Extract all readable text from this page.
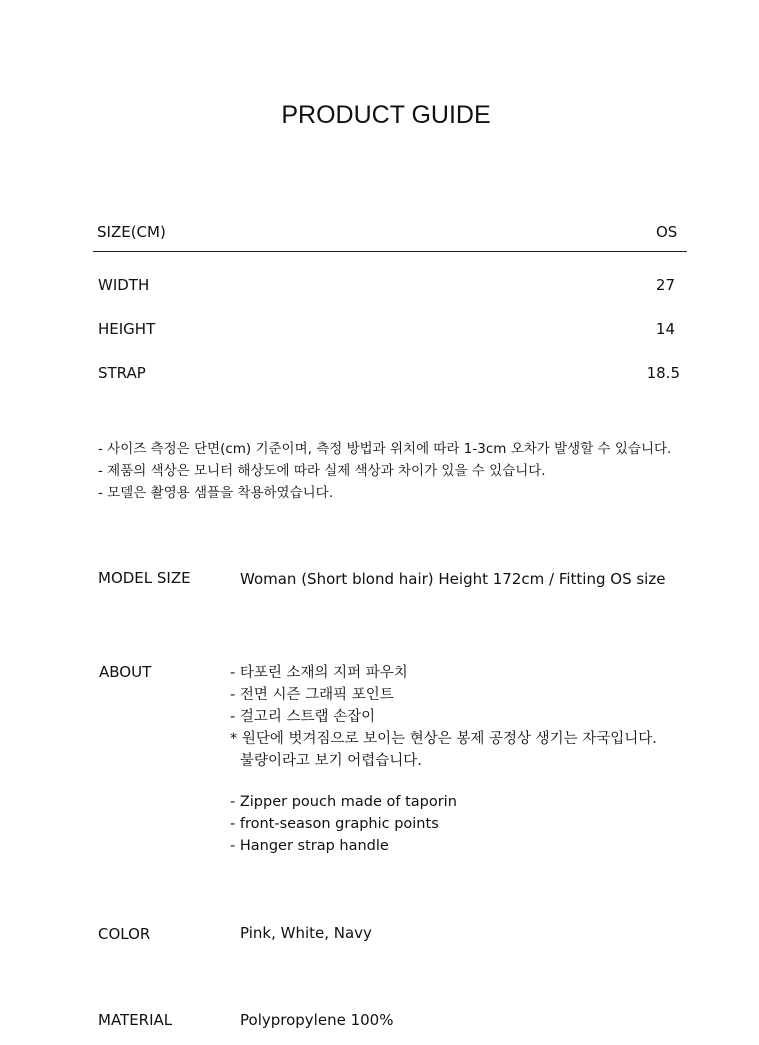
PRODUCT GUIDE
SIZE(CM)	OS
WIDTH	27
HEIGHT	14
STRAP	18.5
- 사이즈 측정은 단면(cm) 기준이며, 측정 방법과 위치에 따라 1-3cm 오차가 발생할 수 있습니다.
- 제품의 색상은 모니터 해상도에 따라 실제 색상과 차이가 있을 수 있습니다.
- 모델은 촬영용 샘플을 착용하였습니다.
MODEL SIZE	Woman (Short blond hair) Height 172cm / Fitting OS size
ABOUT	- 타포린 소재의 지퍼 파우치
- 전면 시즌 그래픽 포인트
- 걸고리 스트랩 손잡이
* 원단에 벗겨짐으로 보이는 현상은 봉제 공정상 생기는 자국입니다.
불량이라고 보기 어렵습니다.
- Zipper pouch made of taporin
- front-season graphic points
- Hanger strap handle
COLOR	Pink, White, Navy
MATERIAL	Polypropylene 100%
